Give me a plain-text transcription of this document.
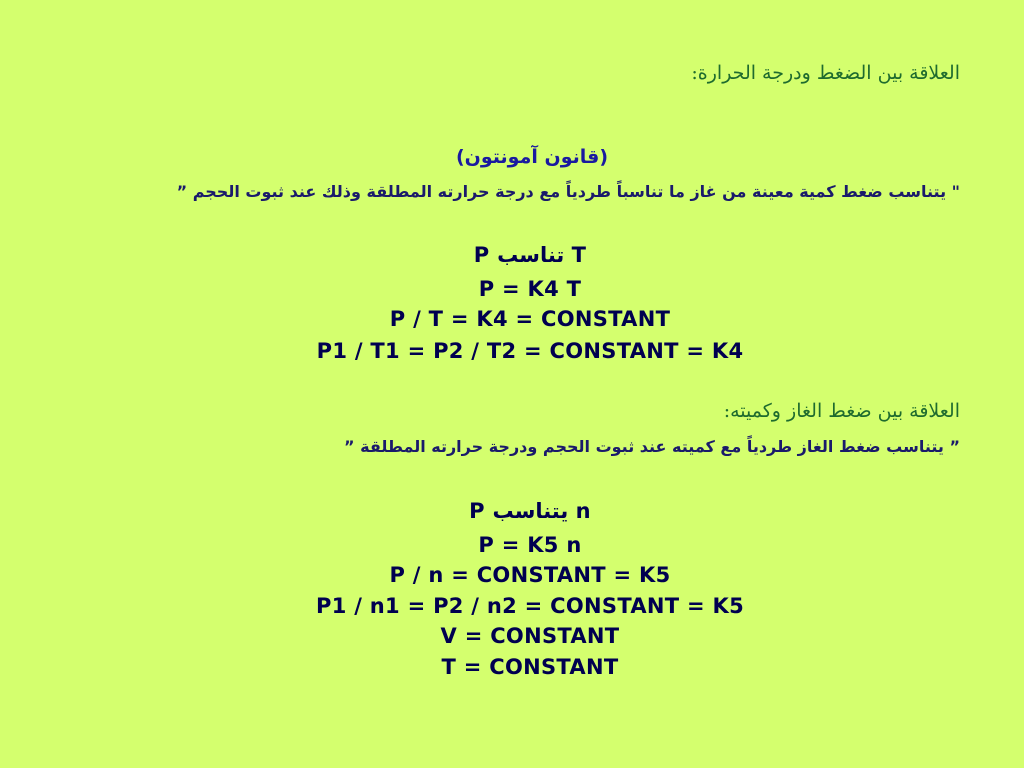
العلاقة بين الضغط ودرجة الحرارة:
(قانون آمونتون)
" يتناسب ضغط كمية معينة من غاز ما تناسباً طردياً مع درجة حرارته المطلقة وذلك عند ثبوت الحجم ”
P تناسب T
P = K4 T
P / T = K4 = CONSTANT
P1 / T1 = P2 / T2 = CONSTANT = K4
العلاقة بين ضغط الغاز وكميته:
” يتناسب ضغط الغاز طردياً مع كميته عند ثبوت الحجم ودرجة حرارته المطلقة ”
P يتناسب n
P = K5 n
P / n = CONSTANT = K5
P1 / n1 = P2 / n2 = CONSTANT = K5
V = CONSTANT
T = CONSTANT
